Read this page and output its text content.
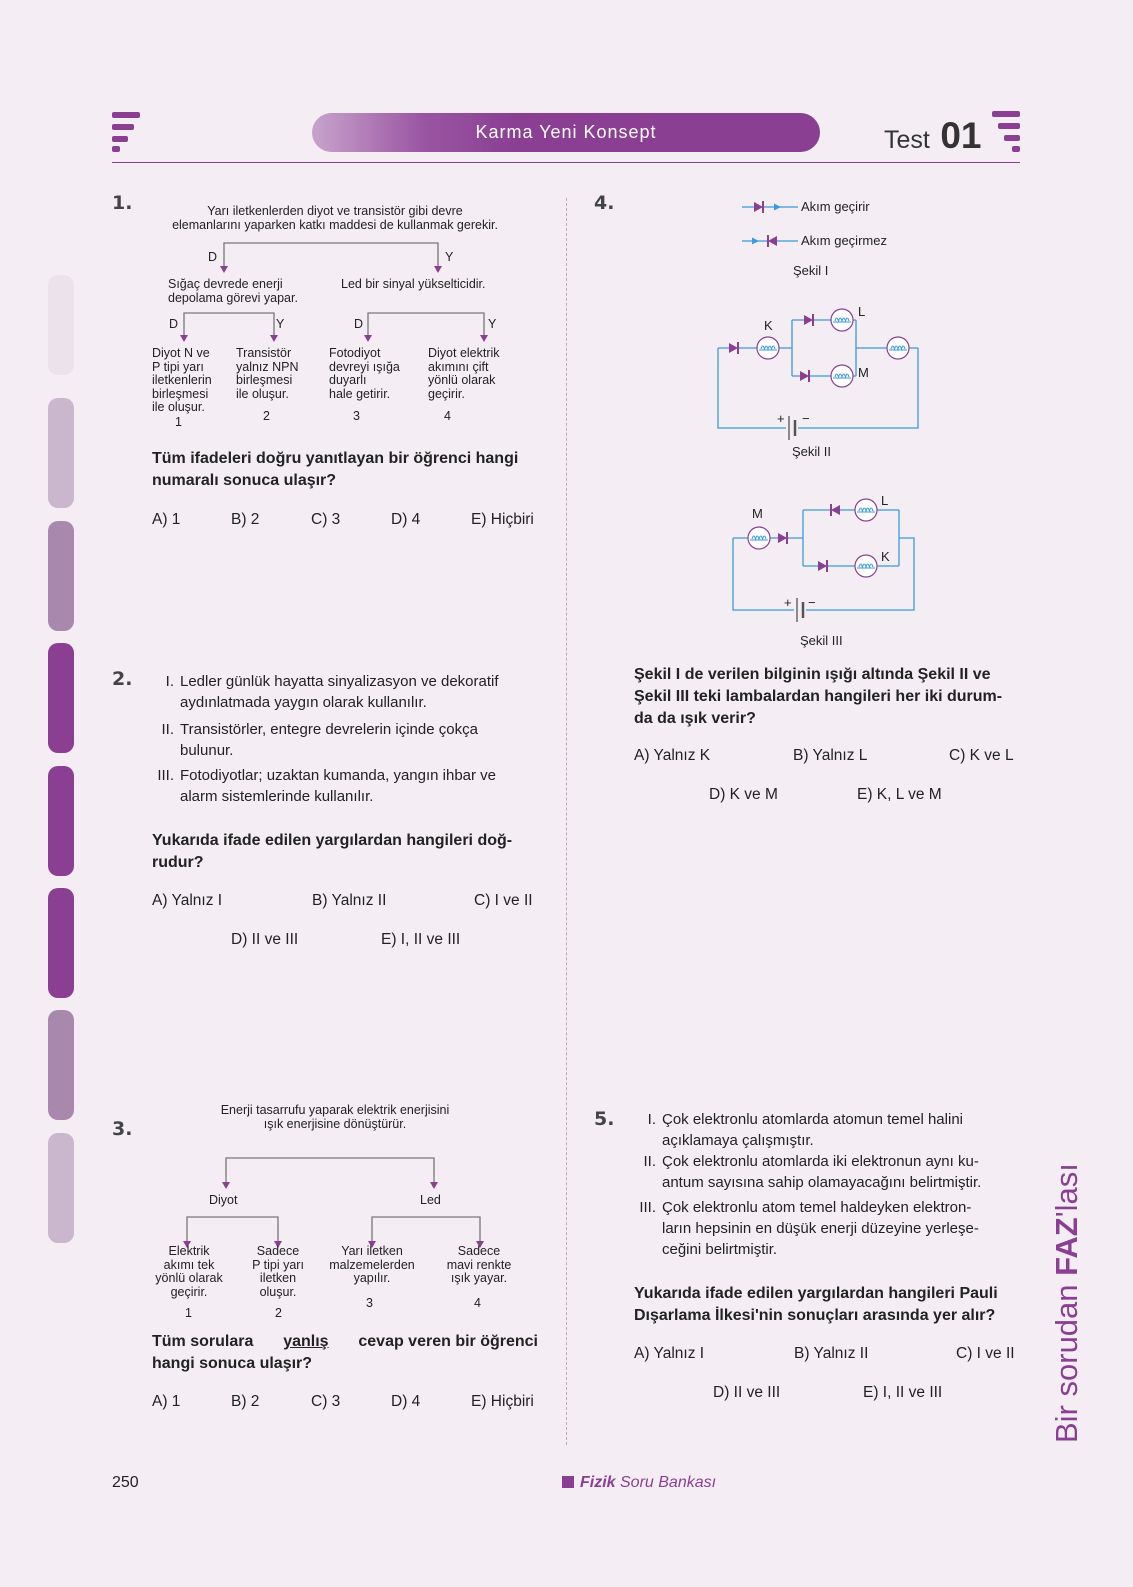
Karma Yeni Konsept	Test 01
1.	Yarı iletkenlerden diyot ve transistör gibi devre
elemanlarını yaparken katkı maddesi de kullanmak gerekir.
D	Y
Sığaç devrede enerji
depolama görevi yapar.
Led bir sinyal yükselticidir.
D	Y	D	Y
Diyot N ve
P tipi yarı
iletkenlerin
birleşmesi
ile oluşur.
1
Transistör
yalnız NPN
birleşmesi
ile oluşur.
2
Fotodiyot
devreyi ışığa
duyarlı
hale getirir.
3
Diyot elektrik
akımını çift
yönlü olarak
geçirir.
4
Tüm ifadeleri doğru yanıtlayan bir öğrenci hangi
numaralı sonuca ulaşır?
A) 1	B) 2	C) 3	D) 4	E) Hiçbiri
2.	I. Ledler günlük hayatta sinyalizasyon ve dekoratif
aydınlatmada yaygın olarak kullanılır.
II. Transistörler, entegre devrelerin içinde çokça
bulunur.
III. Fotodiyotlar; uzaktan kumanda, yangın ihbar ve
alarm sistemlerinde kullanılır.
Yukarıda ifade edilen yargılardan hangileri doğ-
rudur?
A) Yalnız I	B) Yalnız II	C) I ve II
D) II ve III	E) I, II ve III
3.
Enerji tasarrufu yaparak elektrik enerjisini
ışık enerjisine dönüştürür.
Diyot	Led
Elektrik
akımı tek
yönlü olarak
geçirir.
1
Sadece
P tipi yarı
iletken
oluşur.
2
Yarı iletken
malzemelerden
yapılır.
3
Sadece
mavi renkte
ışık yayar.
4
Tüm sorulara yanlış cevap veren bir öğrenci
hangi sonuca ulaşır?
A) 1	B) 2	C) 3	D) 4	E) Hiçbiri
4.	Akım geçirir
Akım geçirmez
Şekil I
K
L
M
+ −
Şekil II
M
L
K
+ −
Şekil III
Şekil I de verilen bilginin ışığı altında Şekil II ve
Şekil III teki lambalardan hangileri her iki durum-
da da ışık verir?
A) Yalnız K	B) Yalnız L	C) K ve L
D) K ve M	E) K, L ve M
5.	I. Çok elektronlu atomlarda atomun temel halini
açıklamaya çalışmıştır.
II. Çok elektronlu atomlarda iki elektronun aynı ku-
antum sayısına sahip olamayacağını belirtmiştir.
III. Çok elektronlu atom temel haldeyken elektron-
ların hepsinin en düşük enerji düzeyine yerleşe-
ceğini belirtmiştir.
Yukarıda ifade edilen yargılardan hangileri Pauli
Dışarlama İlkesi'nin sonuçları arasında yer alır?
A) Yalnız I	B) Yalnız II	C) I ve II
D) II ve III	E) I, II ve III	Bir sorudan FAZ'lası
250	Fizik Soru Bankası
